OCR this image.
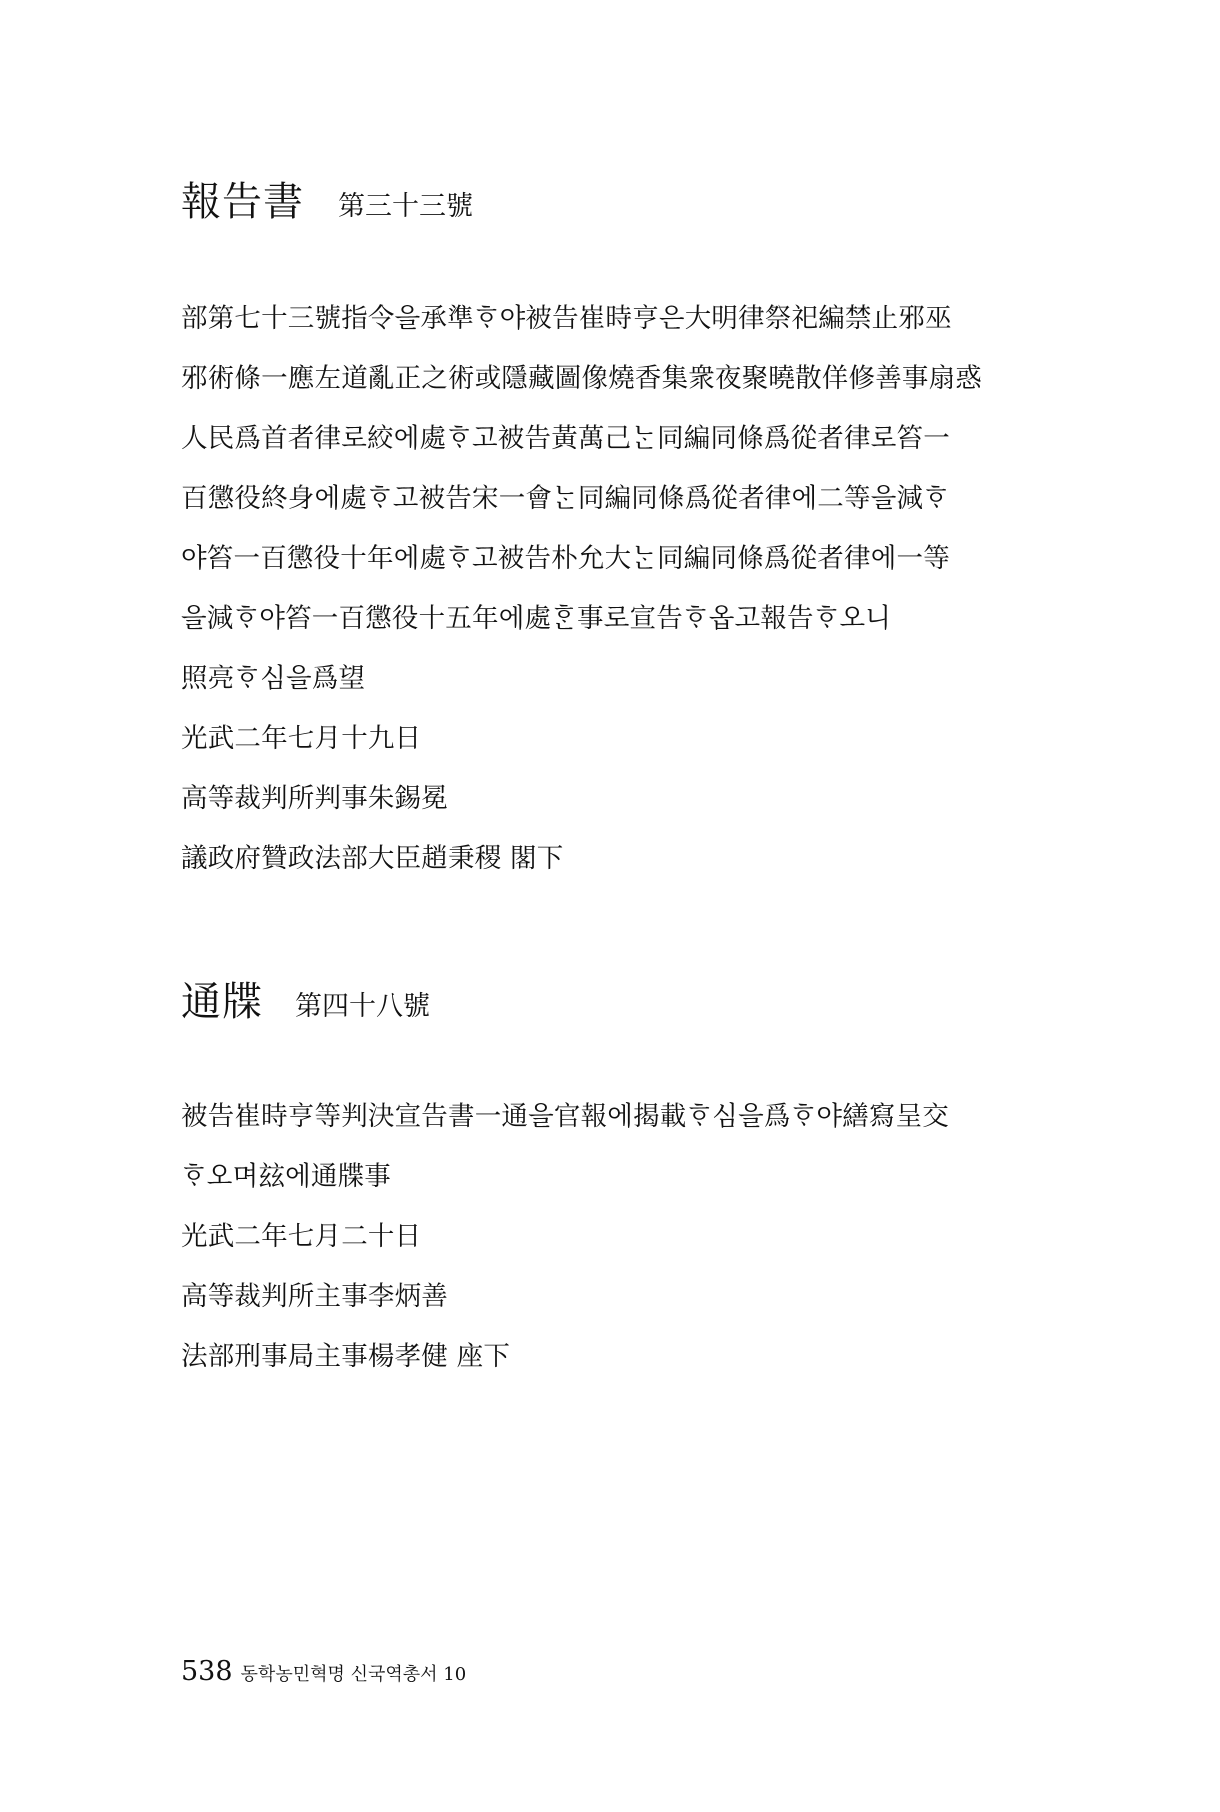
報告書 第三十三號
部第七十三號指令을承準ᄒᆞ야被告崔時亨은大明律祭祀編禁止邪巫
邪術條一應左道亂正之術或隱藏圖像燒香集衆夜聚曉散佯修善事扇惑
人民爲首者律로絞에處ᄒᆞ고被告黃萬己ᄂᆞᆫ同編同條爲從者律로笞一
百懲役終身에處ᄒᆞ고被告宋一會ᄂᆞᆫ同編同條爲從者律에二等을減ᄒᆞ
야笞一百懲役十年에處ᄒᆞ고被告朴允大ᄂᆞᆫ同編同條爲從者律에一等
을減ᄒᆞ야笞一百懲役十五年에處ᄒᆞᆫ事로宣告ᄒᆞ옵고報告ᄒᆞ오니
照亮ᄒᆞ심을爲望
光武二年七月十九日
高等裁判所判事朱錫冕
議政府贊政法部大臣趙秉稷 閣下
通牒 第四十八號
被告崔時亨等判決宣告書一通을官報에揭載ᄒᆞ심을爲ᄒᆞ야繕寫呈交
ᄒᆞ오며玆에通牒事
光武二年七月二十日
高等裁判所主事李炳善
法部刑事局主事楊孝健 座下
538 동학농민혁명 신국역총서 10
